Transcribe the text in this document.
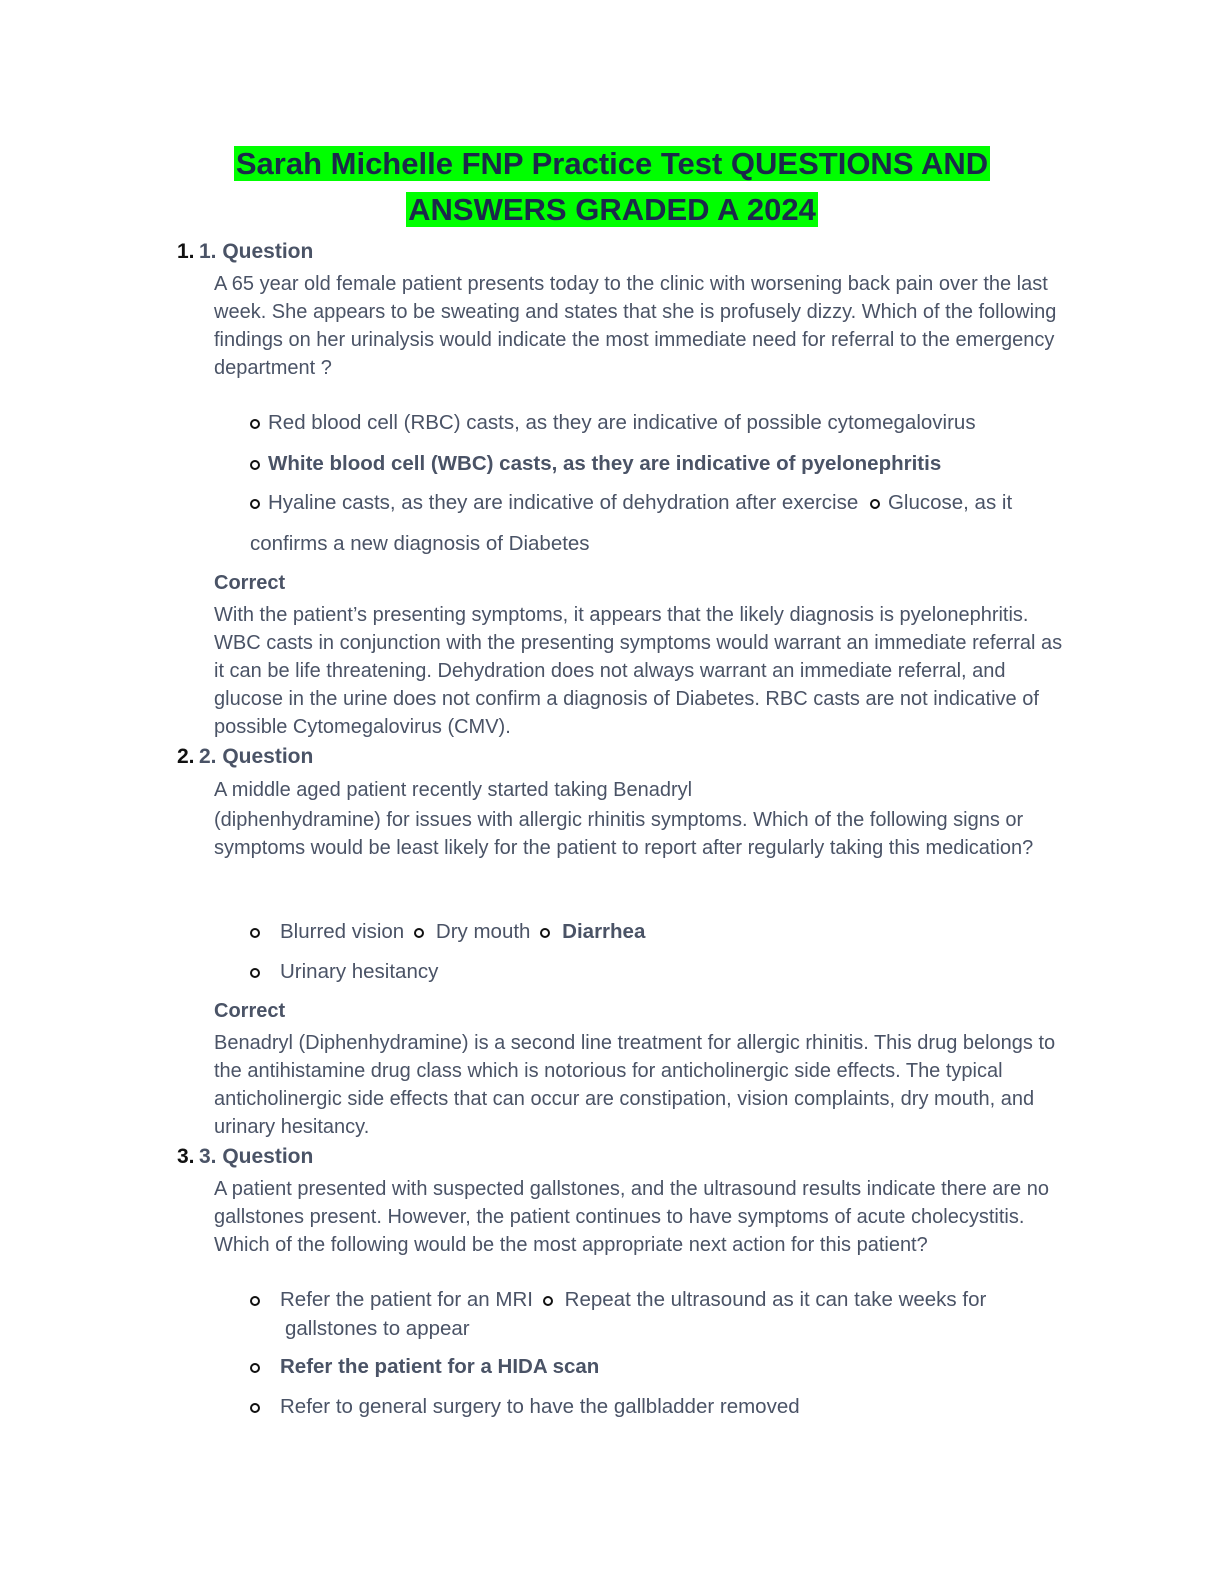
Sarah Michelle FNP Practice Test QUESTIONS AND
ANSWERS GRADED A 2024
1. 1. Question
A 65 year old female patient presents today to the clinic with worsening back pain over the last week. She appears to be sweating and states that she is profusely dizzy. Which of the following findings on her urinalysis would indicate the most immediate need for referral to the emergency department ?
Red blood cell (RBC) casts, as they are indicative of possible cytomegalovirus
White blood cell (WBC) casts, as they are indicative of pyelonephritis
Hyaline casts, as they are indicative of dehydration after exercise Glucose, as it
confirms a new diagnosis of Diabetes
Correct
With the patient’s presenting symptoms, it appears that the likely diagnosis is pyelonephritis. WBC casts in conjunction with the presenting symptoms would warrant an immediate referral as it can be life threatening. Dehydration does not always warrant an immediate referral, and glucose in the urine does not confirm a diagnosis of Diabetes. RBC casts are not indicative of possible Cytomegalovirus (CMV).
2. 2. Question
A middle aged patient recently started taking Benadryl
(diphenhydramine) for issues with allergic rhinitis symptoms. Which of the following signs or symptoms would be least likely for the patient to report after regularly taking this medication?
Blurred vision Dry mouth Diarrhea
Urinary hesitancy
Correct
Benadryl (Diphenhydramine) is a second line treatment for allergic rhinitis. This drug belongs to the antihistamine drug class which is notorious for anticholinergic side effects. The typical anticholinergic side effects that can occur are constipation, vision complaints, dry mouth, and urinary hesitancy.
3. 3. Question
A patient presented with suspected gallstones, and the ultrasound results indicate there are no gallstones present. However, the patient continues to have symptoms of acute cholecystitis. Which of the following would be the most appropriate next action for this patient?
Refer the patient for an MRI Repeat the ultrasound as it can take weeks for
gallstones to appear
Refer the patient for a HIDA scan
Refer to general surgery to have the gallbladder removed
